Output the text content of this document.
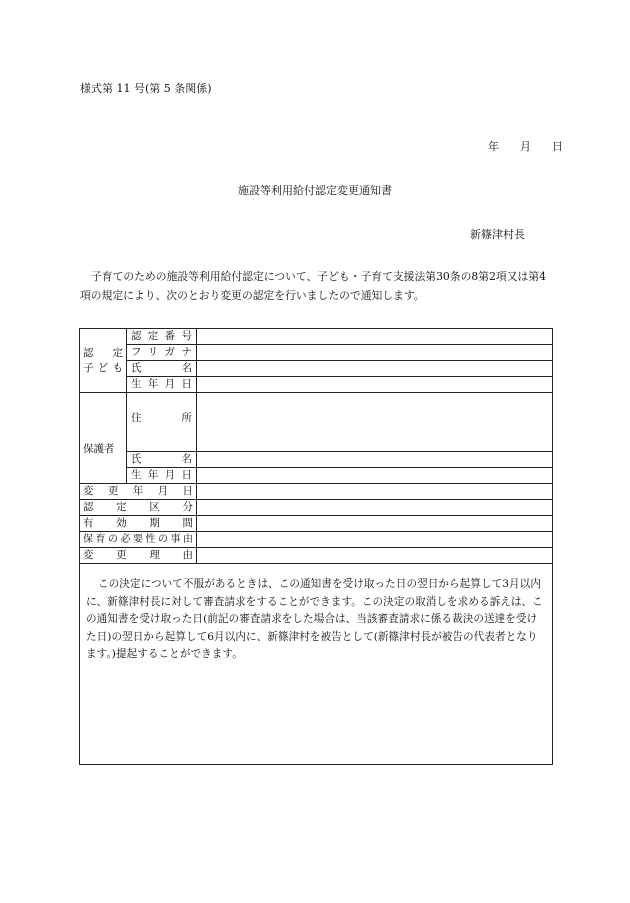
様式第 11 号(第 5 条関係)
年 月 日
施設等利用給付認定変更通知書
新篠津村長
子育てのための施設等利用給付認定について、子ども・子育て支援法第30条の8第2項又は第4項の規定により、次のとおり変更の認定を行いましたので通知します。
認　定
子ども	認定番号	
	フリガナ	
	氏名	
	生年月日	
保護者	住所	
	氏名	
	生年月日	
変更年月日		
認定区分		
有効期間		
保育の必要性の事由		
変更理由		

この決定について不服があるときは、この通知書を受け取った日の翌日から起算して3月以内に、新篠津村長に対して審査請求をすることができます。この決定の取消しを求める訴えは、この通知書を受け取った日(前記の審査請求をした場合は、当該審査請求に係る裁決の送達を受けた日)の翌日から起算して6月以内に、新篠津村を被告として(新篠津村長が被告の代表者となります。)提起することができます。		
